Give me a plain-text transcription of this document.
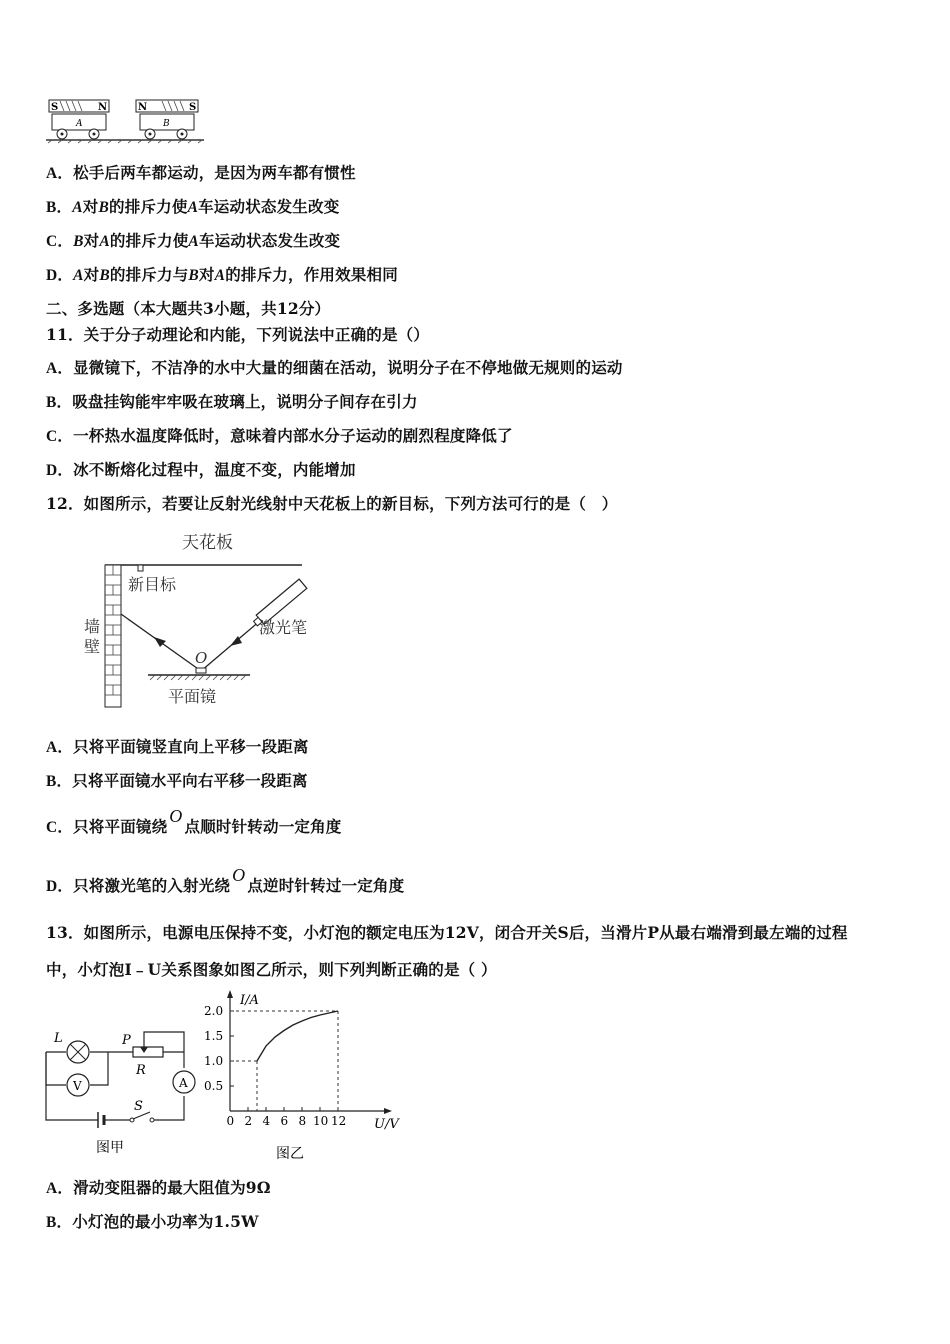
S	N
A
N	S
B
A．松手后两车都运动，是因为两车都有惯性
B．A对B的排斥力使A车运动状态发生改变
C．B对A的排斥力使A车运动状态发生改变
D．A对B的排斥力与B对A的排斥力，作用效果相同
二、多选题（本大题共3小题，共12分）
11．关于分子动理论和内能，下列说法中正确的是（）
A．显微镜下，不洁净的水中大量的细菌在活动，说明分子在不停地做无规则的运动
B．吸盘挂钩能牢牢吸在玻璃上，说明分子间存在引力
C．一杯热水温度降低时，意味着内部水分子运动的剧烈程度降低了
D．冰不断熔化过程中，温度不变，内能增加
12．如图所示，若要让反射光线射中天花板上的新目标，下列方法可行的是（　）
天花板
墙
壁
新目标
激光笔
O
平面镜
A．只将平面镜竖直向上平移一段距离
B．只将平面镜水平向右平移一段距离
C．只将平面镜绕O点顺时针转动一定角度
D．只将激光笔的入射光绕O点逆时针转过一定角度
13．如图所示，电源电压保持不变，小灯泡的额定电压为12V，闭合开关S后，当滑片P从最右端滑到最左端的过程
中，小灯泡I﹣U关系图象如图乙所示，则下列判断正确的是（ ）
L	P
R
V	A
S
图甲
I/A
U/V
图乙
0 2 4 6 8 10 12
0.5
1.0
1.5
2.0
A．滑动变阻器的最大阻值为9Ω
B．小灯泡的最小功率为1.5W
